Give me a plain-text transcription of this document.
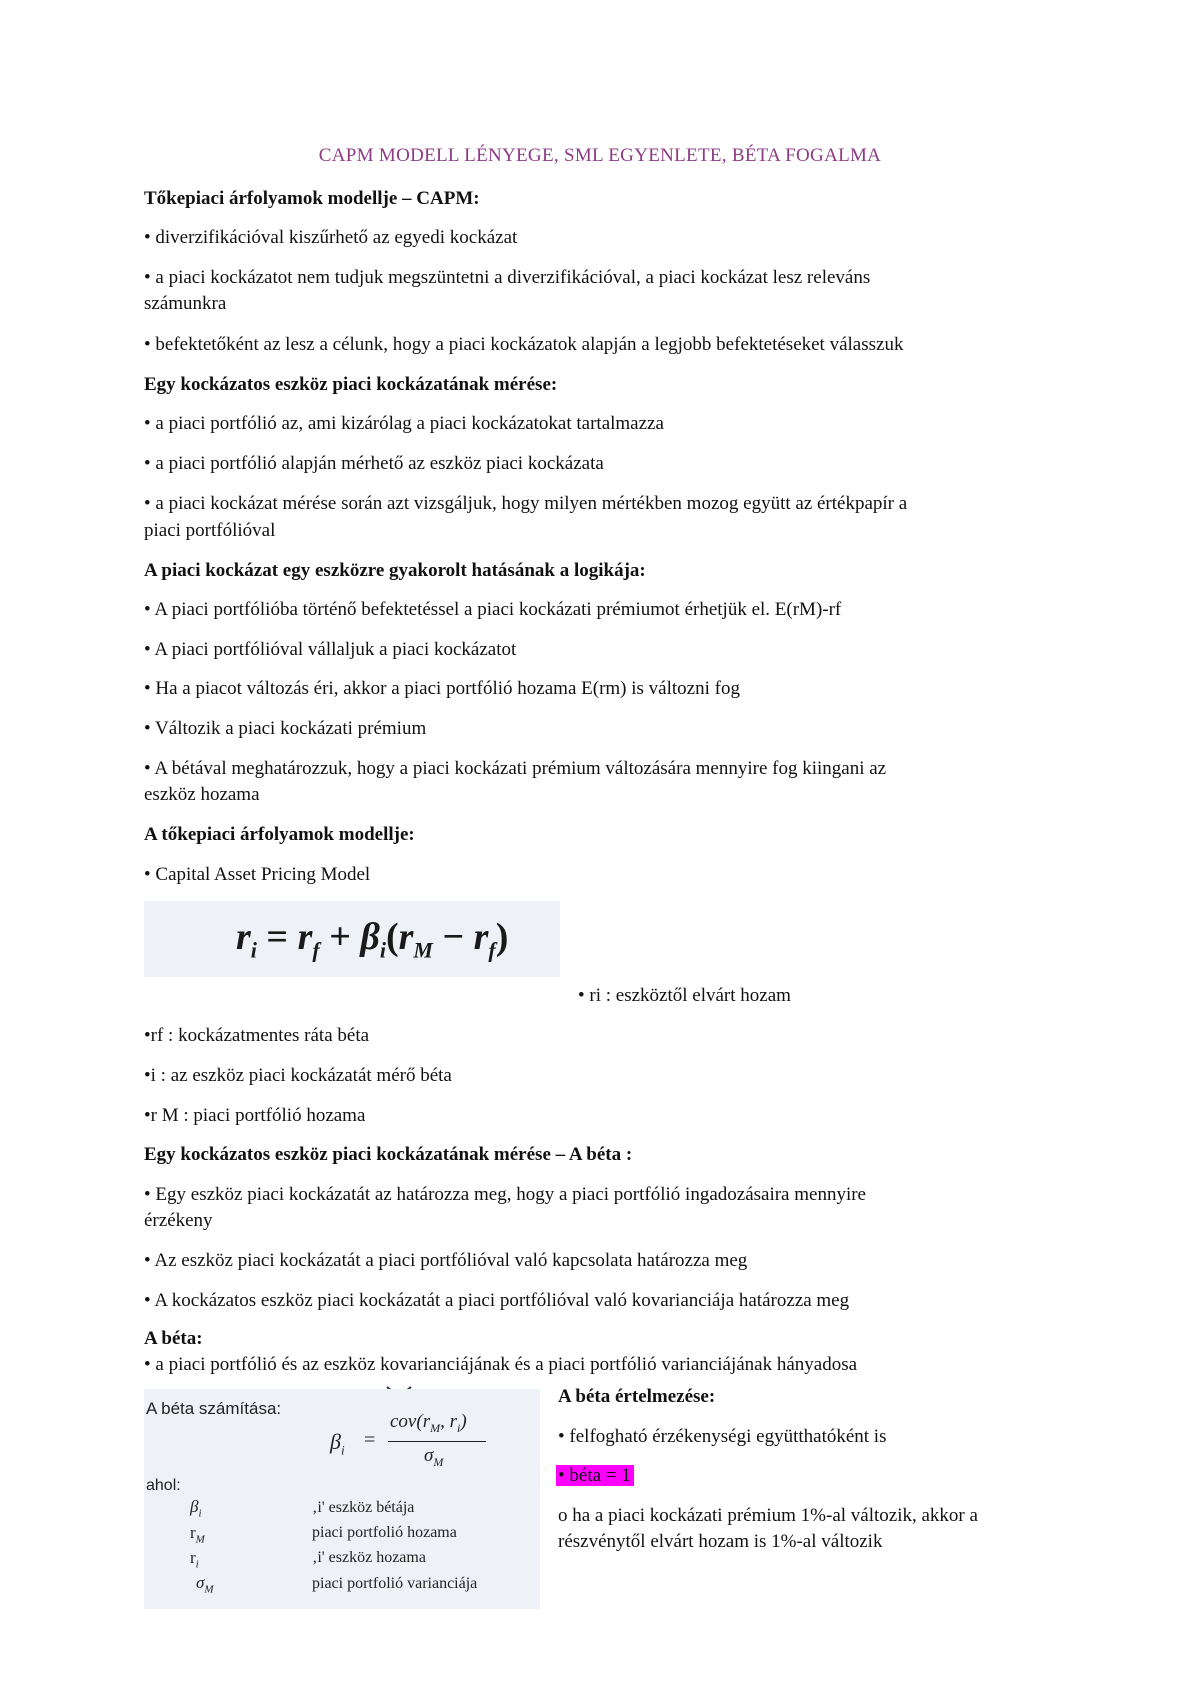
CAPM MODELL LÉNYEGE, SML EGYENLETE, BÉTA FOGALMA
Tőkepiaci árfolyamok modellje – CAPM:
• diverzifikációval kiszűrhető az egyedi kockázat
• a piaci kockázatot nem tudjuk megszüntetni a diverzifikációval, a piaci kockázat lesz releváns
számunkra
• befektetőként az lesz a célunk, hogy a piaci kockázatok alapján a legjobb befektetéseket válasszuk
Egy kockázatos eszköz piaci kockázatának mérése:
• a piaci portfólió az, ami kizárólag a piaci kockázatokat tartalmazza
• a piaci portfólió alapján mérhető az eszköz piaci kockázata
• a piaci kockázat mérése során azt vizsgáljuk, hogy milyen mértékben mozog együtt az értékpapír a
piaci portfólióval
A piaci kockázat egy eszközre gyakorolt hatásának a logikája:
• A piaci portfólióba történő befektetéssel a piaci kockázati prémiumot érhetjük el. E(rM)-rf
• A piaci portfólióval vállaljuk a piaci kockázatot
• Ha a piacot változás éri, akkor a piaci portfólió hozama E(rm) is változni fog
• Változik a piaci kockázati prémium
• A bétával meghatározzuk, hogy a piaci kockázati prémium változására mennyire fog kiingani az
eszköz hozama
A tőkepiaci árfolyamok modellje:
• Capital Asset Pricing Model
$r_i = r_f + \beta_i(r_M - r_f)$
• ri : eszköztől elvárt hozam
•rf : kockázatmentes ráta béta
•i : az eszköz piaci kockázatát mérő béta
•r M : piaci portfólió hozama
Egy kockázatos eszköz piaci kockázatának mérése – A béta :
• Egy eszköz piaci kockázatát az határozza meg, hogy a piaci portfólió ingadozásaira mennyire
érzékeny
• Az eszköz piaci kockázatát a piaci portfólióval való kapcsolata határozza meg
• A kockázatos eszköz piaci kockázatát a piaci portfólióval való kovarianciája határozza meg
A béta:
• a piaci portfólió és az eszköz kovarianciájának és a piaci portfólió varianciájának hányadosa
A béta számítása:
$\beta_i$ =
$cov(r_M$, $r_i$)
$\sigma_M$
ahol:
$\beta_i$	‚i' eszköz bétája
$r_M$	piaci portfolió hozama
$r_i$	‚i' eszköz hozama
$\sigma_M$	piaci portfolió varianciája
A béta értelmezése:
• felfogható érzékenységi együtthatóként is
• béta = 1
o ha a piaci kockázati prémium 1%-al változik, akkor a
részvénytől elvárt hozam is 1%-al változik
